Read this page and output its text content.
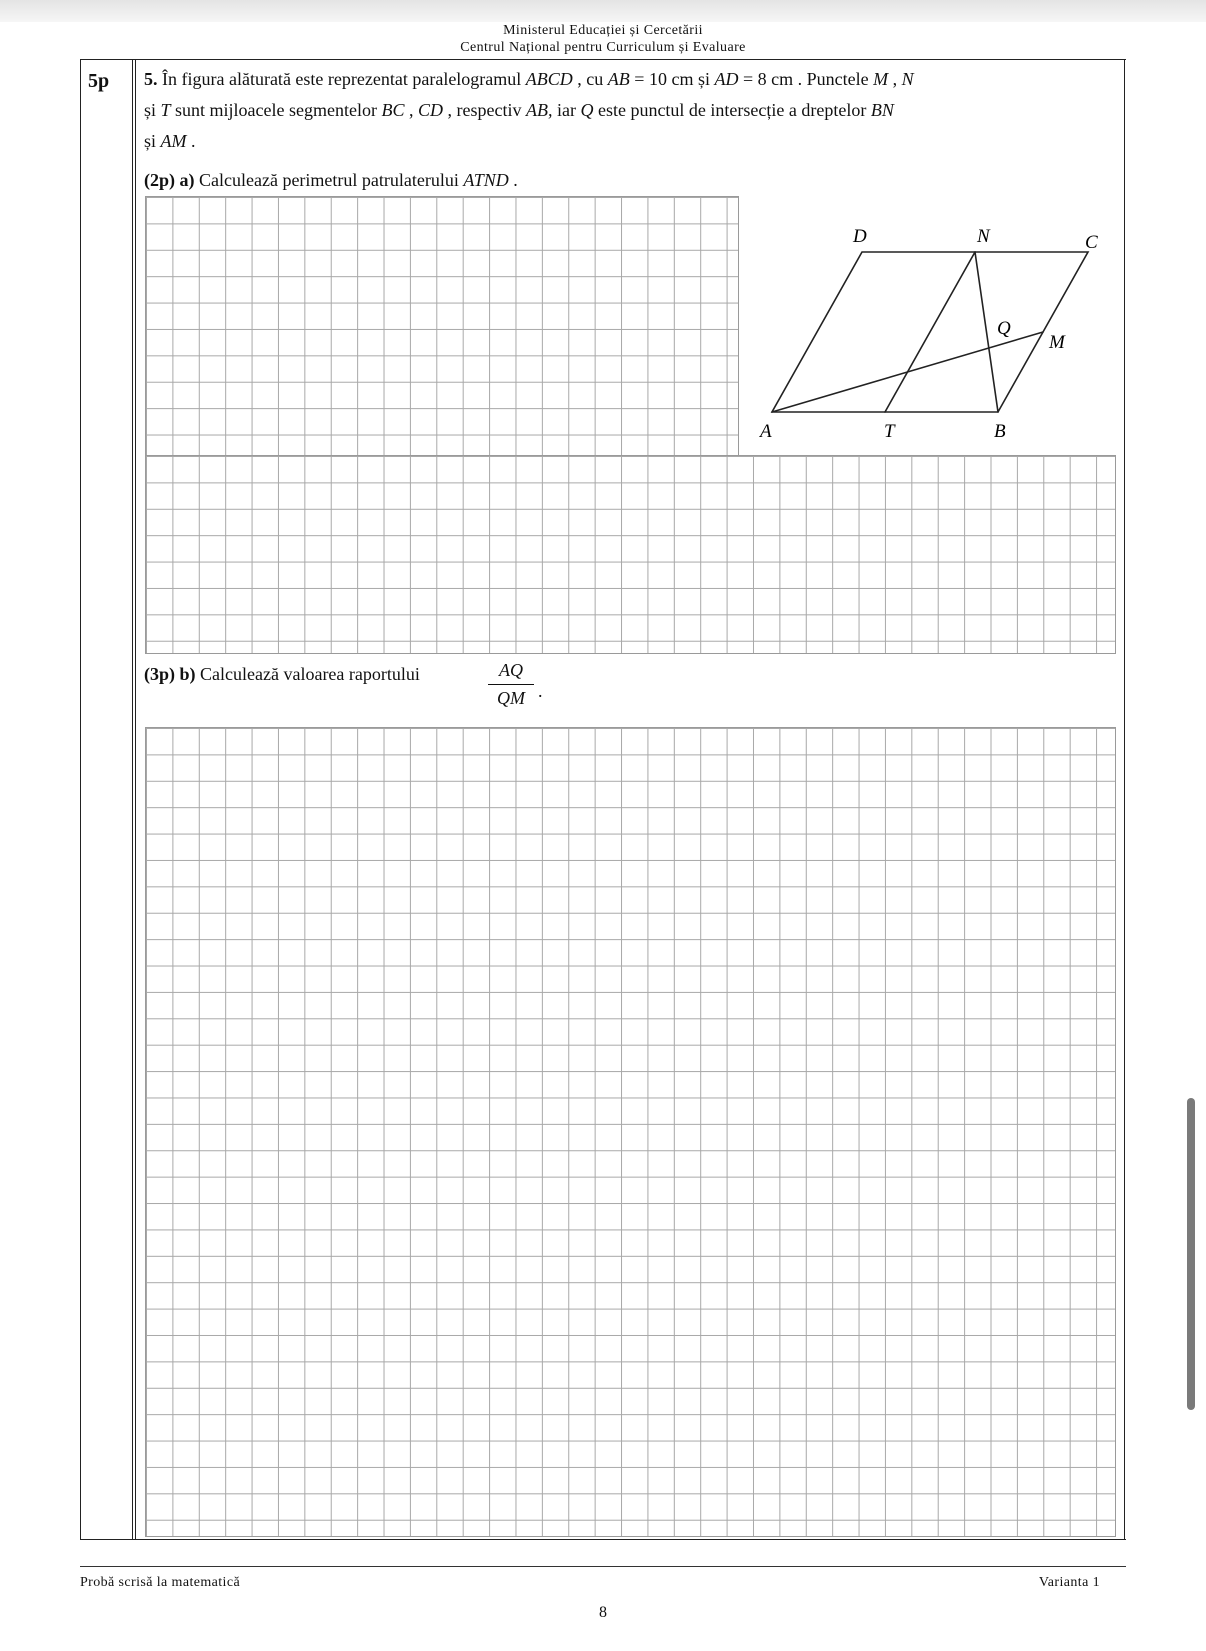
Ministerul Educației și Cercetării
Centrul Național pentru Curriculum și Evaluare
5p 5. În figura alăturată este reprezentat paralelogramul ABCD , cu AB = 10 cm și AD = 8 cm . Punctele M , N

și T sunt mijloacele segmentelor BC , CD , respectiv AB, iar Q este punctul de intersecție a dreptelor BN

și AM .

(2p) a) Calculează perimetrul patrulaterului ATND .
D	N	C
Q
M
A	T	B
(3p) b) Calculează valoarea raportului	AQ
QM .
Probă scrisă la matematică	Varianta 1
8
